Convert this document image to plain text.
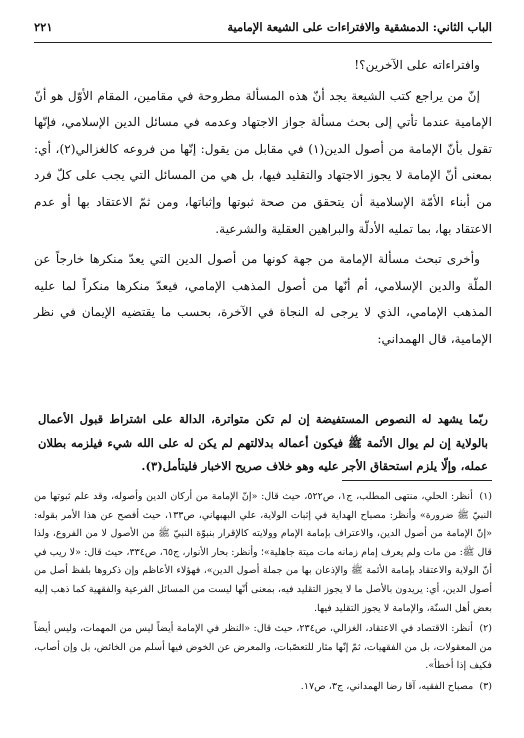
الباب الثاني: الدمشقية والافتراءات على الشيعة الإمامية
٢٢١

وافتراءاته على الآخرين؟!

إنّ من يراجع كتب الشيعة يجد أنّ هذه المسألة مطروحة في مقامين، المقام الأوّل هو أنّ الإمامية عندما تأتي إلى بحث مسألة جواز الاجتهاد وعدمه في مسائل الدين الإسلامي، فإنّها تقول بأنّ الإمامة من أصول الدين(١) في مقابل من يقول: إنّها من فروعه كالغزالي(٢)، أي: بمعنى أنّ الإمامة لا يجوز الاجتهاد والتقليد فيها، بل هي من المسائل التي يجب على كلّ فرد من أبناء الأمّة الإسلامية أن يتحقق من صحة ثبوتها وإثباتها، ومن ثمّ الاعتقاد بها أو عدم الاعتقاد بها، بما تمليه الأدلّة والبراهين العقلية والشرعية.

وأخرى تبحث مسألة الإمامة من جهة كونها من أصول الدين التي يعدّ منكرها خارجاً عن الملّة والدين الإسلامي، أم أنّها من أصول المذهب الإمامي، فيعدّ منكرها منكراً لما عليه المذهب الإمامي، الذي لا يرجى له النجاة في الآخرة، بحسب ما يقتضيه الإيمان في نظر الإمامية، قال الهمداني:

ربّما يشهد له النصوص المستفيضة إن لم تكن متواترة، الدالة على اشتراط قبول الأعمال بالولاية إن لم يوال الأئمة ﷺ فيكون أعماله بدلالتهم لم يكن له على الله شيء فيلزمه بطلان عمله، وإلّا يلزم استحقاق الأجر عليه وهو خلاف صريح الاخبار فليتأمل(٣).
(١) أنظر: الحلي، منتهى المطلب، ج١، ص٥٢٢، حيث قال: «إنّ الإمامة من أركان الدين وأصوله، وقد علم ثبوتها من النبيّ ﷺ ضرورة» وأنظر: مصباح الهداية في إثبات الولاية، علي البهبهاني، ص١٣٣، حيث أفصح عن هذا الأمر بقوله: «إنّ الإمامة من أصول الدين، والاعتراف بإمامة الإمام وولايته كالإقرار بنبوّة النبيّ ﷺ من الأصول لا من الفروع، ولذا قال ﷺ: من مات ولم يعرف إمام زمانه مات ميتة جاهلية»؛ وأنظر: بحار الأنوار، ج٦٥، ص٣٣٤، حيث قال: «لا ريب في أنّ الولاية والاعتقاد بإمامة الأئمة ﷺ والإذعان بها من جملة أصول الدين»، فهؤلاء الأعاظم وإن ذكروها بلفظ أصل من أصول الدين، أي: يريدون بالأصل ما لا يجوز التقليد فيه، بمعنى أنّها ليست من المسائل الفرعية والفقهية كما ذهب إليه بعض أهل السنّة، والإمامة لا يجوز التقليد فيها.
(٢) أنظر: الاقتصاد في الاعتقاد، الغزالي، ص٢٣٤، حيث قال: «النظر في الإمامة أيضاً ليس من المهمات، وليس أيضاً من المعقولات، بل من الفقهيات، ثمّ إنّها مثار للتعصّبات، والمعرض عن الخوض فيها أسلم من الخائض، بل وإن أصاب، فكيف إذا أخطأ».
(٣) مصباح الفقيه، آقا رضا الهمداني، ج٣، ص١٧.
